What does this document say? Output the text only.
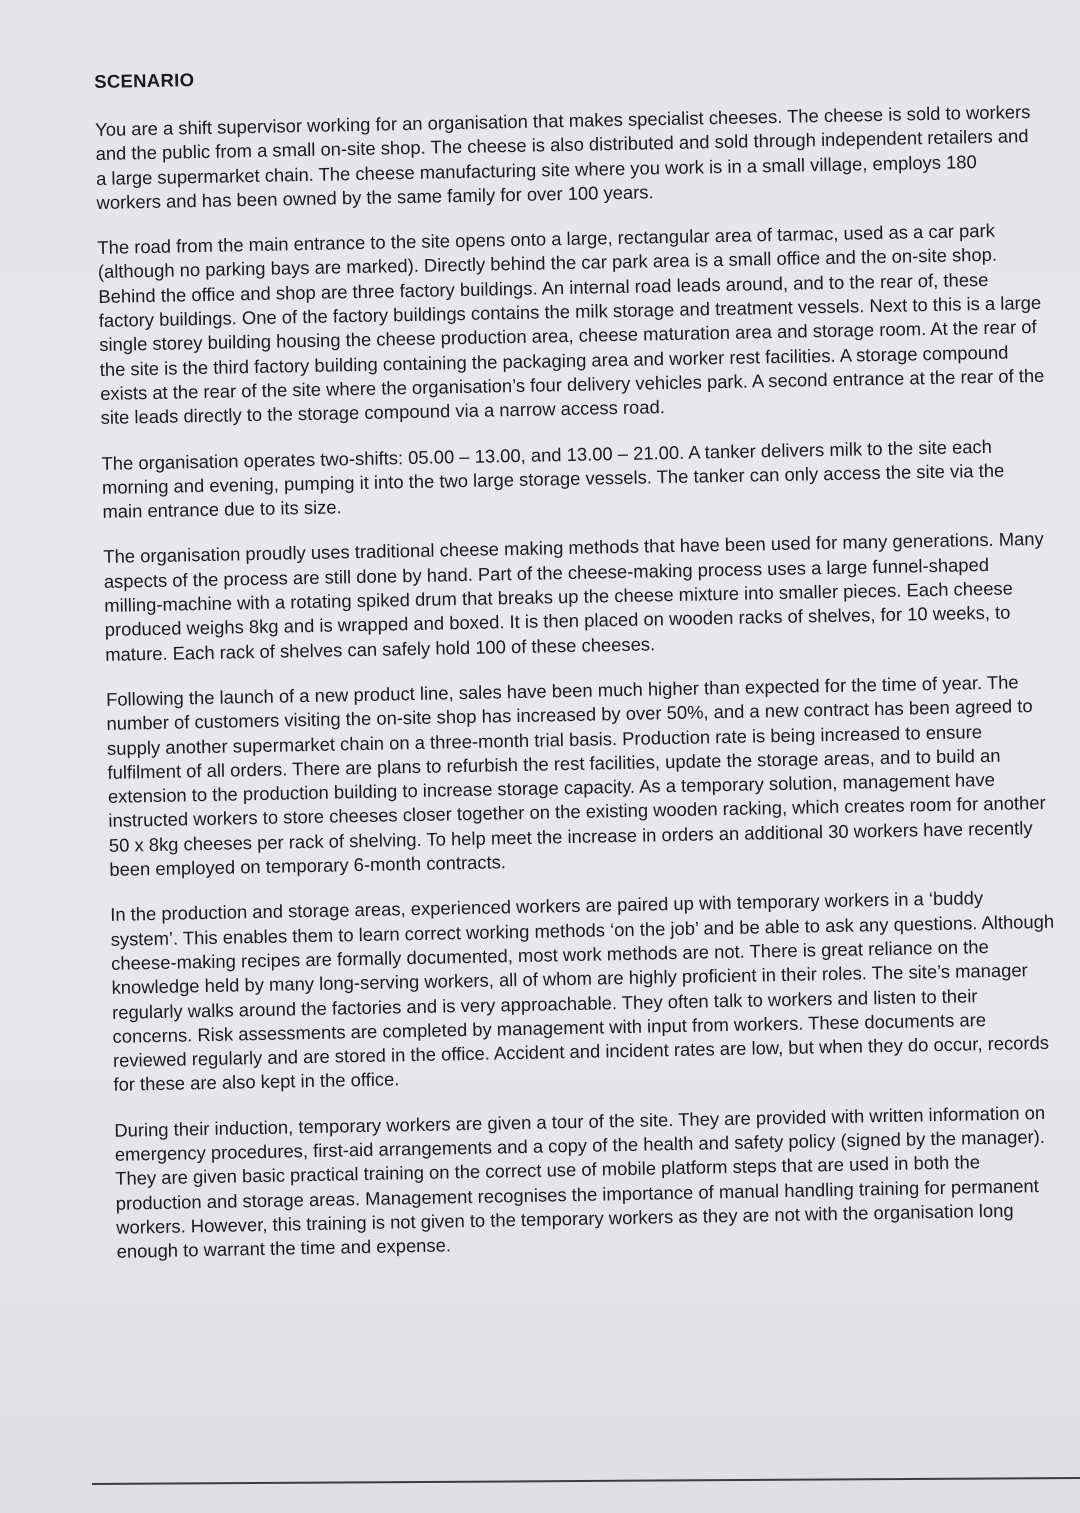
SCENARIO

You are a shift supervisor working for an organisation that makes specialist cheeses. The cheese is sold to workers and the public from a small on-site shop. The cheese is also distributed and sold through independent retailers and a large supermarket chain. The cheese manufacturing site where you work is in a small village, employs 180 workers and has been owned by the same family for over 100 years.

The road from the main entrance to the site opens onto a large, rectangular area of tarmac, used as a car park (although no parking bays are marked). Directly behind the car park area is a small office and the on-site shop. Behind the office and shop are three factory buildings. An internal road leads around, and to the rear of, these factory buildings. One of the factory buildings contains the milk storage and treatment vessels. Next to this is a large single storey building housing the cheese production area, cheese maturation area and storage room. At the rear of the site is the third factory building containing the packaging area and worker rest facilities. A storage compound exists at the rear of the site where the organisation’s four delivery vehicles park. A second entrance at the rear of the site leads directly to the storage compound via a narrow access road.

The organisation operates two-shifts: 05.00 – 13.00, and 13.00 – 21.00. A tanker delivers milk to the site each morning and evening, pumping it into the two large storage vessels. The tanker can only access the site via the main entrance due to its size.

The organisation proudly uses traditional cheese making methods that have been used for many generations. Many aspects of the process are still done by hand. Part of the cheese-making process uses a large funnel-shaped milling-machine with a rotating spiked drum that breaks up the cheese mixture into smaller pieces. Each cheese produced weighs 8kg and is wrapped and boxed. It is then placed on wooden racks of shelves, for 10 weeks, to mature. Each rack of shelves can safely hold 100 of these cheeses.

Following the launch of a new product line, sales have been much higher than expected for the time of year. The number of customers visiting the on-site shop has increased by over 50%, and a new contract has been agreed to supply another supermarket chain on a three-month trial basis. Production rate is being increased to ensure fulfilment of all orders. There are plans to refurbish the rest facilities, update the storage areas, and to build an extension to the production building to increase storage capacity. As a temporary solution, management have instructed workers to store cheeses closer together on the existing wooden racking, which creates room for another 50 x 8kg cheeses per rack of shelving. To help meet the increase in orders an additional 30 workers have recently been employed on temporary 6-month contracts.

In the production and storage areas, experienced workers are paired up with temporary workers in a ‘buddy system’. This enables them to learn correct working methods ‘on the job’ and be able to ask any questions. Although cheese-making recipes are formally documented, most work methods are not. There is great reliance on the knowledge held by many long-serving workers, all of whom are highly proficient in their roles. The site’s manager regularly walks around the factories and is very approachable. They often talk to workers and listen to their concerns. Risk assessments are completed by management with input from workers. These documents are reviewed regularly and are stored in the office. Accident and incident rates are low, but when they do occur, records for these are also kept in the office.

During their induction, temporary workers are given a tour of the site. They are provided with written information on emergency procedures, first-aid arrangements and a copy of the health and safety policy (signed by the manager). They are given basic practical training on the correct use of mobile platform steps that are used in both the production and storage areas. Management recognises the importance of manual handling training for permanent workers. However, this training is not given to the temporary workers as they are not with the organisation long enough to warrant the time and expense.
